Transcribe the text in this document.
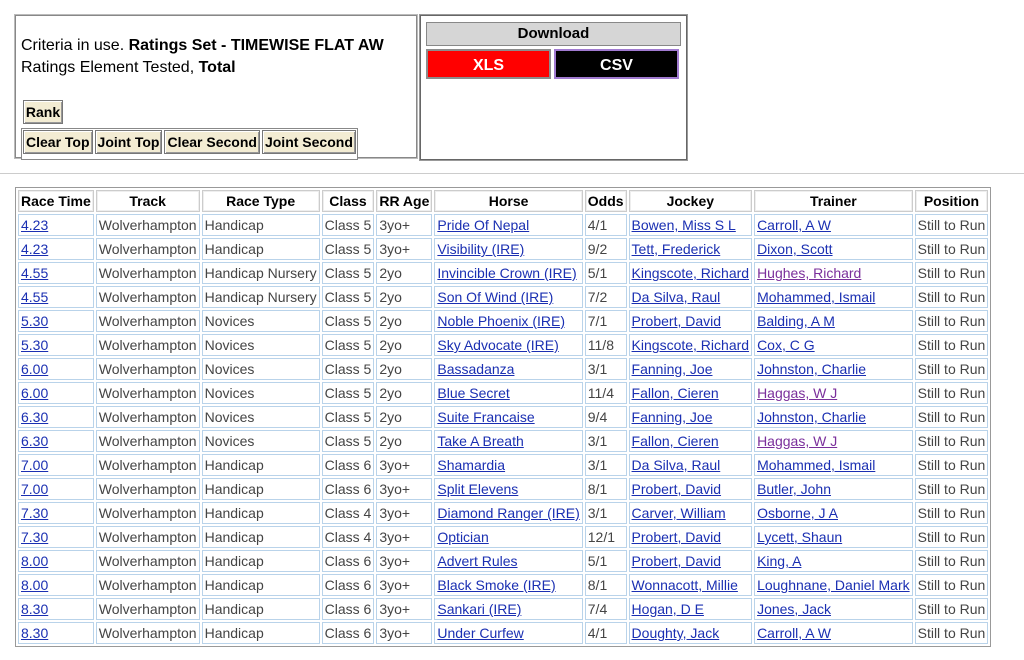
Criteria in use. Ratings Set - TIMEWISE FLAT AW
Ratings Element Tested, Total
Rank
Clear Top Joint Top Clear Second Joint Second
Download
XLS	CSV
Race Time	Track	Race Type	Class	RR Age	Horse	Odds	Jockey	Trainer	Position
4.23	Wolverhampton	Handicap	Class 5	3yo+	Pride Of Nepal	4/1	Bowen, Miss S L	Carroll, A W	Still to Run
4.23	Wolverhampton	Handicap	Class 5	3yo+	Visibility (IRE)	9/2	Tett, Frederick	Dixon, Scott	Still to Run
4.55	Wolverhampton	Handicap Nursery	Class 5	2yo	Invincible Crown (IRE)	5/1	Kingscote, Richard	Hughes, Richard	Still to Run
4.55	Wolverhampton	Handicap Nursery	Class 5	2yo	Son Of Wind (IRE)	7/2	Da Silva, Raul	Mohammed, Ismail	Still to Run
5.30	Wolverhampton	Novices	Class 5	2yo	Noble Phoenix (IRE)	7/1	Probert, David	Balding, A M	Still to Run
5.30	Wolverhampton	Novices	Class 5	2yo	Sky Advocate (IRE)	11/8	Kingscote, Richard	Cox, C G	Still to Run
6.00	Wolverhampton	Novices	Class 5	2yo	Bassadanza	3/1	Fanning, Joe	Johnston, Charlie	Still to Run
6.00	Wolverhampton	Novices	Class 5	2yo	Blue Secret	11/4	Fallon, Cieren	Haggas, W J	Still to Run
6.30	Wolverhampton	Novices	Class 5	2yo	Suite Francaise	9/4	Fanning, Joe	Johnston, Charlie	Still to Run
6.30	Wolverhampton	Novices	Class 5	2yo	Take A Breath	3/1	Fallon, Cieren	Haggas, W J	Still to Run
7.00	Wolverhampton	Handicap	Class 6	3yo+	Shamardia	3/1	Da Silva, Raul	Mohammed, Ismail	Still to Run
7.00	Wolverhampton	Handicap	Class 6	3yo+	Split Elevens	8/1	Probert, David	Butler, John	Still to Run
7.30	Wolverhampton	Handicap	Class 4	3yo+	Diamond Ranger (IRE)	3/1	Carver, William	Osborne, J A	Still to Run
7.30	Wolverhampton	Handicap	Class 4	3yo+	Optician	12/1	Probert, David	Lycett, Shaun	Still to Run
8.00	Wolverhampton	Handicap	Class 6	3yo+	Advert Rules	5/1	Probert, David	King, A	Still to Run
8.00	Wolverhampton	Handicap	Class 6	3yo+	Black Smoke (IRE)	8/1	Wonnacott, Millie	Loughnane, Daniel Mark	Still to Run
8.30	Wolverhampton	Handicap	Class 6	3yo+	Sankari (IRE)	7/4	Hogan, D E	Jones, Jack	Still to Run
8.30	Wolverhampton	Handicap	Class 6	3yo+	Under Curfew	4/1	Doughty, Jack	Carroll, A W	Still to Run
